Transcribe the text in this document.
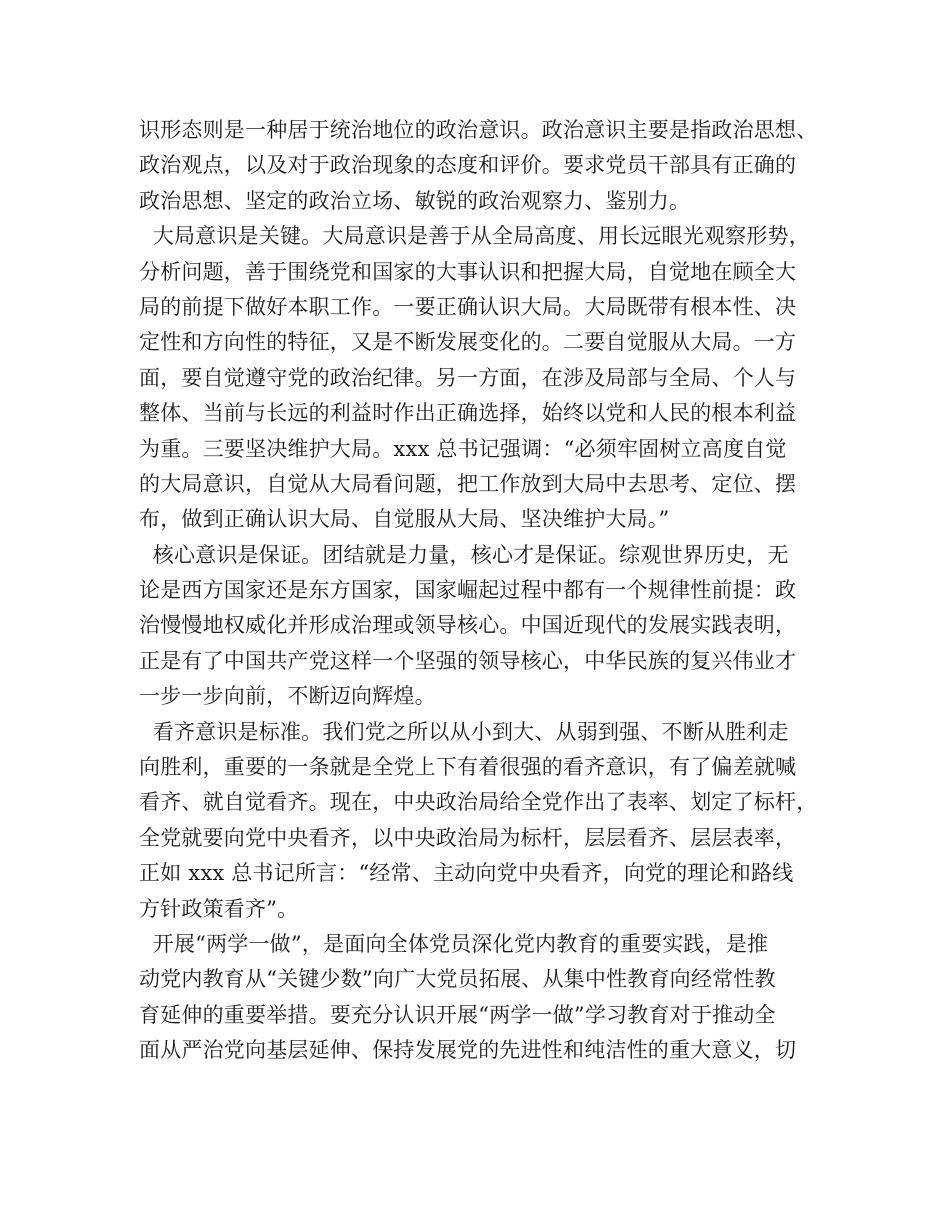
识形态则是一种居于统治地位的政治意识。政治意识主要是指政治思想、
政治观点，以及对于政治现象的态度和评价。要求党员干部具有正确的
政治思想、坚定的政治立场、敏锐的政治观察力、鉴别力。
大局意识是关键。大局意识是善于从全局高度、用长远眼光观察形势，
分析问题，善于围绕党和国家的大事认识和把握大局，自觉地在顾全大
局的前提下做好本职工作。一要正确认识大局。大局既带有根本性、决
定性和方向性的特征，又是不断发展变化的。二要自觉服从大局。一方
面，要自觉遵守党的政治纪律。另一方面，在涉及局部与全局、个人与
整体、当前与长远的利益时作出正确选择，始终以党和人民的根本利益
为重。三要坚决维护大局。xxx 总书记强调：“必须牢固树立高度自觉
的大局意识，自觉从大局看问题，把工作放到大局中去思考、定位、摆
布，做到正确认识大局、自觉服从大局、坚决维护大局。”
核心意识是保证。团结就是力量，核心才是保证。综观世界历史，无
论是西方国家还是东方国家，国家崛起过程中都有一个规律性前提：政
治慢慢地权威化并形成治理或领导核心。中国近现代的发展实践表明，
正是有了中国共产党这样一个坚强的领导核心，中华民族的复兴伟业才
一步一步向前，不断迈向辉煌。
看齐意识是标准。我们党之所以从小到大、从弱到强、不断从胜利走
向胜利，重要的一条就是全党上下有着很强的看齐意识，有了偏差就喊
看齐、就自觉看齐。现在，中央政治局给全党作出了表率、划定了标杆，
全党就要向党中央看齐，以中央政治局为标杆，层层看齐、层层表率，
正如 xxx 总书记所言：“经常、主动向党中央看齐，向党的理论和路线
方针政策看齐”。
开展“两学一做”，是面向全体党员深化党内教育的重要实践，是推
动党内教育从“关键少数”向广大党员拓展、从集中性教育向经常性教
育延伸的重要举措。要充分认识开展“两学一做”学习教育对于推动全
面从严治党向基层延伸、保持发展党的先进性和纯洁性的重大意义，切
